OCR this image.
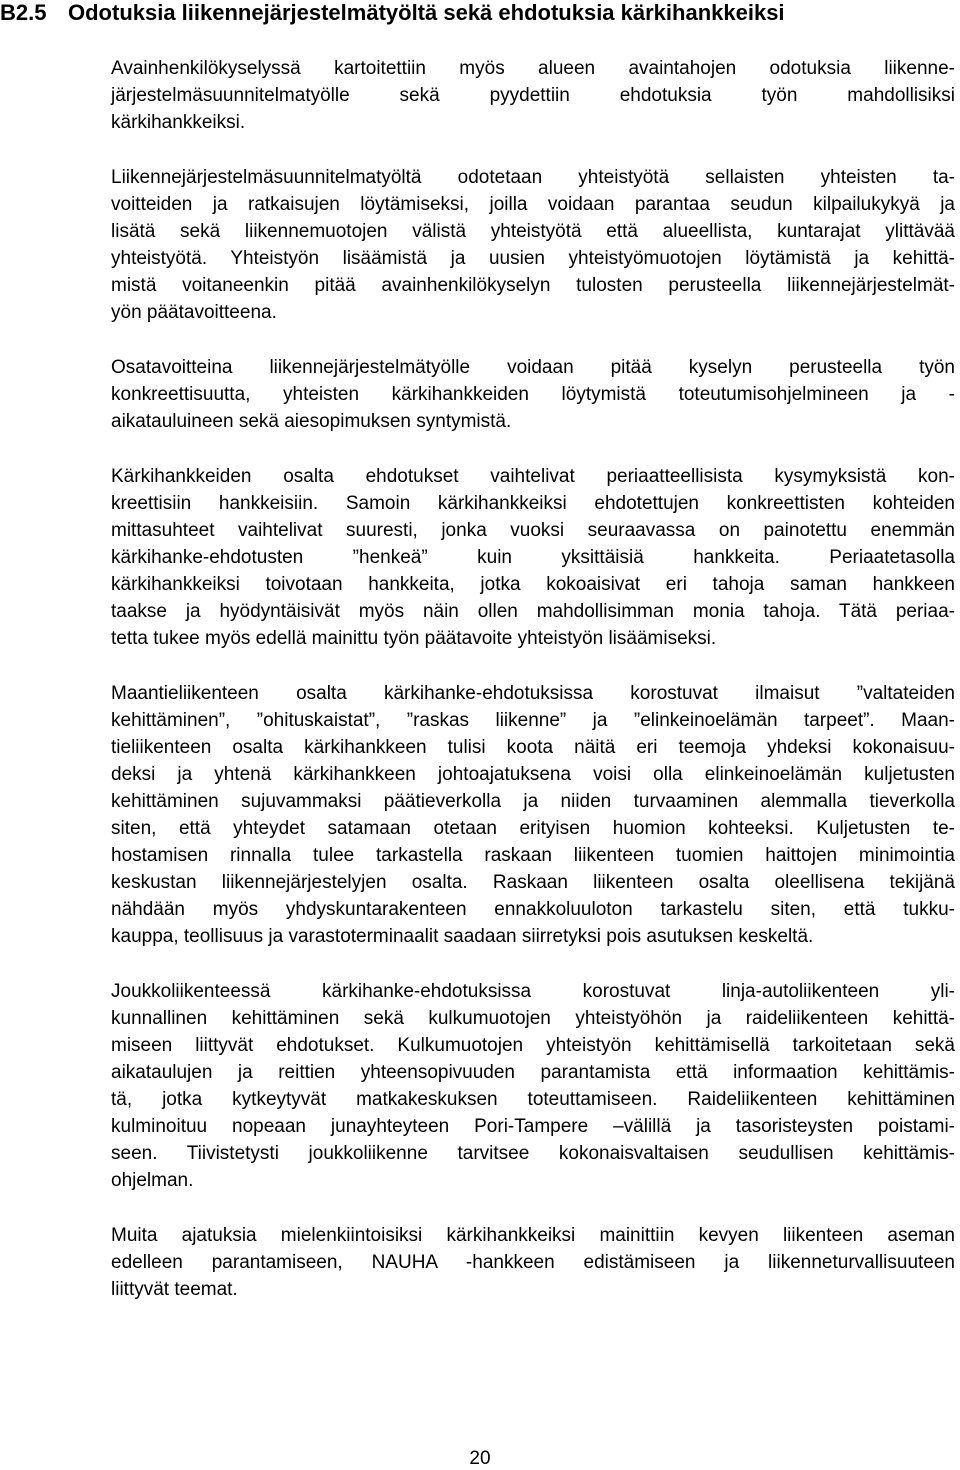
B2.5 Odotuksia liikennejärjestelmätyöltä sekä ehdotuksia kärkihankkeiksi

Avainhenkilökyselyssä kartoitettiin myös alueen avaintahojen odotuksia liikenne-
järjestelmäsuunnitelmatyölle sekä pyydettiin ehdotuksia työn mahdollisiksi
kärkihankkeiksi.

Liikennejärjestelmäsuunnitelmatyöltä odotetaan yhteistyötä sellaisten yhteisten ta-
voitteiden ja ratkaisujen löytämiseksi, joilla voidaan parantaa seudun kilpailukykyä ja
lisätä sekä liikennemuotojen välistä yhteistyötä että alueellista, kuntarajat ylittävää
yhteistyötä. Yhteistyön lisäämistä ja uusien yhteistyömuotojen löytämistä ja kehittä-
mistä voitaneenkin pitää avainhenkilökyselyn tulosten perusteella liikennejärjestelmät-
yön päätavoitteena.

Osatavoitteina liikennejärjestelmätyölle voidaan pitää kyselyn perusteella työn
konkreettisuutta, yhteisten kärkihankkeiden löytymistä toteutumisohjelmineen ja -
aikatauluineen sekä aiesopimuksen syntymistä.

Kärkihankkeiden osalta ehdotukset vaihtelivat periaatteellisista kysymyksistä kon-
kreettisiin hankkeisiin. Samoin kärkihankkeiksi ehdotettujen konkreettisten kohteiden
mittasuhteet vaihtelivat suuresti, jonka vuoksi seuraavassa on painotettu enemmän
kärkihanke-ehdotusten ”henkeä” kuin yksittäisiä hankkeita. Periaatetasolla
kärkihankkeiksi toivotaan hankkeita, jotka kokoaisivat eri tahoja saman hankkeen
taakse ja hyödyntäisivät myös näin ollen mahdollisimman monia tahoja. Tätä periaa-
tetta tukee myös edellä mainittu työn päätavoite yhteistyön lisäämiseksi.

Maantieliikenteen osalta kärkihanke-ehdotuksissa korostuvat ilmaisut ”valtateiden
kehittäminen”, ”ohituskaistat”, ”raskas liikenne” ja ”elinkeinoelämän tarpeet”. Maan-
tieliikenteen osalta kärkihankkeen tulisi koota näitä eri teemoja yhdeksi kokonaisuu-
deksi ja yhtenä kärkihankkeen johtoajatuksena voisi olla elinkeinoelämän kuljetusten
kehittäminen sujuvammaksi päätieverkolla ja niiden turvaaminen alemmalla tieverkolla
siten, että yhteydet satamaan otetaan erityisen huomion kohteeksi. Kuljetusten te-
hostamisen rinnalla tulee tarkastella raskaan liikenteen tuomien haittojen minimointia
keskustan liikennejärjestelyjen osalta. Raskaan liikenteen osalta oleellisena tekijänä
nähdään myös yhdyskuntarakenteen ennakkoluuloton tarkastelu siten, että tukku-
kauppa, teollisuus ja varastoterminaalit saadaan siirretyksi pois asutuksen keskeltä.

Joukkoliikenteessä kärkihanke-ehdotuksissa korostuvat linja-autoliikenteen yli-
kunnallinen kehittäminen sekä kulkumuotojen yhteistyöhön ja raideliikenteen kehittä-
miseen liittyvät ehdotukset. Kulkumuotojen yhteistyön kehittämisellä tarkoitetaan sekä
aikataulujen ja reittien yhteensopivuuden parantamista että informaation kehittämis-
tä, jotka kytkeytyvät matkakeskuksen toteuttamiseen. Raideliikenteen kehittäminen
kulminoituu nopeaan junayhteyteen Pori-Tampere –välillä ja tasoristeysten poistami-
seen. Tiivistetysti joukkoliikenne tarvitsee kokonaisvaltaisen seudullisen kehittämis-
ohjelman.

Muita ajatuksia mielenkiintoisiksi kärkihankkeiksi mainittiin kevyen liikenteen aseman
edelleen parantamiseen, NAUHA -hankkeen edistämiseen ja liikenneturvallisuuteen
liittyvät teemat.

20
